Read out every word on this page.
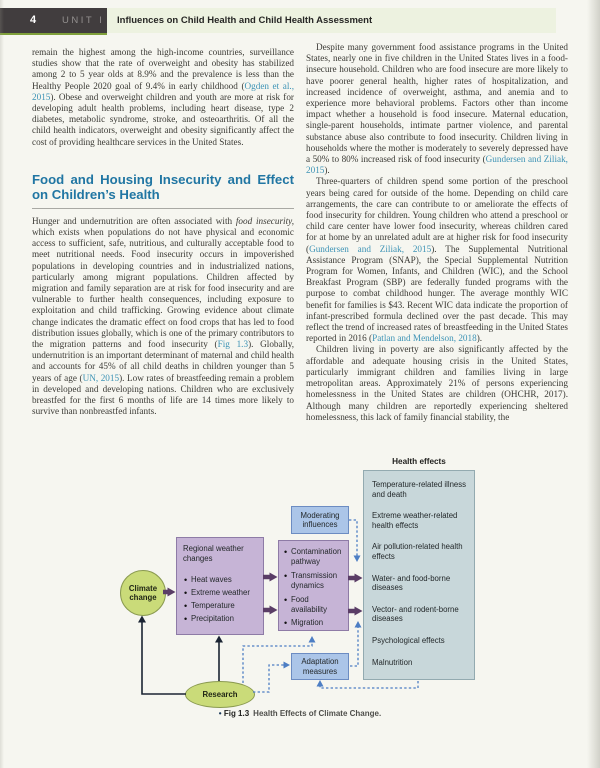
4	UNIT I Influences on Child Health and Child Health Assessment

remain the highest among the high-income countries, surveillance studies show that the rate of overweight and obesity has stabilized among 2 to 5 year olds at 8.9% and the prevalence is less than the Healthy People 2020 goal of 9.4% in early childhood (Ogden et al., 2015). Obese and overweight children and youth are more at risk for developing adult health problems, including heart disease, type 2 diabetes, metabolic syndrome, stroke, and osteoarthritis. Of all the child health indicators, overweight and obesity significantly affect the cost of providing healthcare services in the United States.

Food and Housing Insecurity and Effect on Children’s Health

Hunger and undernutrition are often associated with food insecurity, which exists when populations do not have physical and economic access to sufficient, safe, nutritious, and culturally acceptable food to meet nutritional needs. Food insecurity occurs in impoverished populations in developing countries and in industrialized nations, particularly among migrant populations. Children affected by migration and family separation are at risk for food insecurity and are vulnerable to further health consequences, including exposure to exploitation and child trafficking. Growing evidence about climate change indicates the dramatic effect on food crops that has led to food distribution issues globally, which is one of the primary contributors to the migration patterns and food insecurity (Fig 1.3). Globally, undernutrition is an important determinant of maternal and child health and accounts for 45% of all child deaths in children younger than 5 years of age (UN, 2015). Low rates of breastfeeding remain a problem in developed and developing nations. Children who are exclusively breastfed for the first 6 months of life are 14 times more likely to survive than nonbreastfed infants.

Despite many government food assistance programs in the United States, nearly one in five children in the United States lives in a food-insecure household. Children who are food insecure are more likely to have poorer general health, higher rates of hospitalization, and increased incidence of overweight, asthma, and anemia and to experience more behavioral problems. Factors other than income impact whether a household is food insecure. Maternal education, single-parent households, intimate partner violence, and parental substance abuse also contribute to food insecurity. Children living in households where the mother is moderately to severely depressed have a 50% to 80% increased risk of food insecurity (Gundersen and Ziliak, 2015).

Three-quarters of children spend some portion of the preschool years being cared for outside of the home. Depending on child care arrangements, the care can contribute to or ameliorate the effects of food insecurity for children. Young children who attend a preschool or child care center have lower food insecurity, whereas children cared for at home by an unrelated adult are at higher risk for food insecurity (Gundersen and Ziliak, 2015). The Supplemental Nutritional Assistance Program (SNAP), the Special Supplemental Nutrition Program for Women, Infants, and Children (WIC), and the School Breakfast Program (SBP) are federally funded programs with the purpose to combat childhood hunger. The average monthly WIC benefit for families is $43. Recent WIC data indicate the proportion of infant-prescribed formula declined over the past decade. This may reflect the trend of increased rates of breastfeeding in the United States reported in 2016 (Patlan and Mendelson, 2018).

Children living in poverty are also significantly affected by the affordable and adequate housing crisis in the United States, particularly immigrant children and families living in large metropolitan areas. Approximately 21% of persons experiencing homelessness in the United States are children (OHCHR, 2017). Although many children are reportedly experiencing sheltered homelessness, this lack of family financial stability, the

Health effects
Temperature-related illness and death
Extreme weather-related health effects
Air pollution-related health effects
Water- and food-borne diseases
Vector- and rodent-borne diseases
Psychological effects
Malnutrition
Regional weather changes
• Heat waves
• Extreme weather
• Temperature
• Precipitation
• Contamination pathway
• Transmission dynamics
• Food availability
• Migration
Moderating influences
Adaptation measures
Climate change
Research
• Fig 1.3 Health Effects of Climate Change.
